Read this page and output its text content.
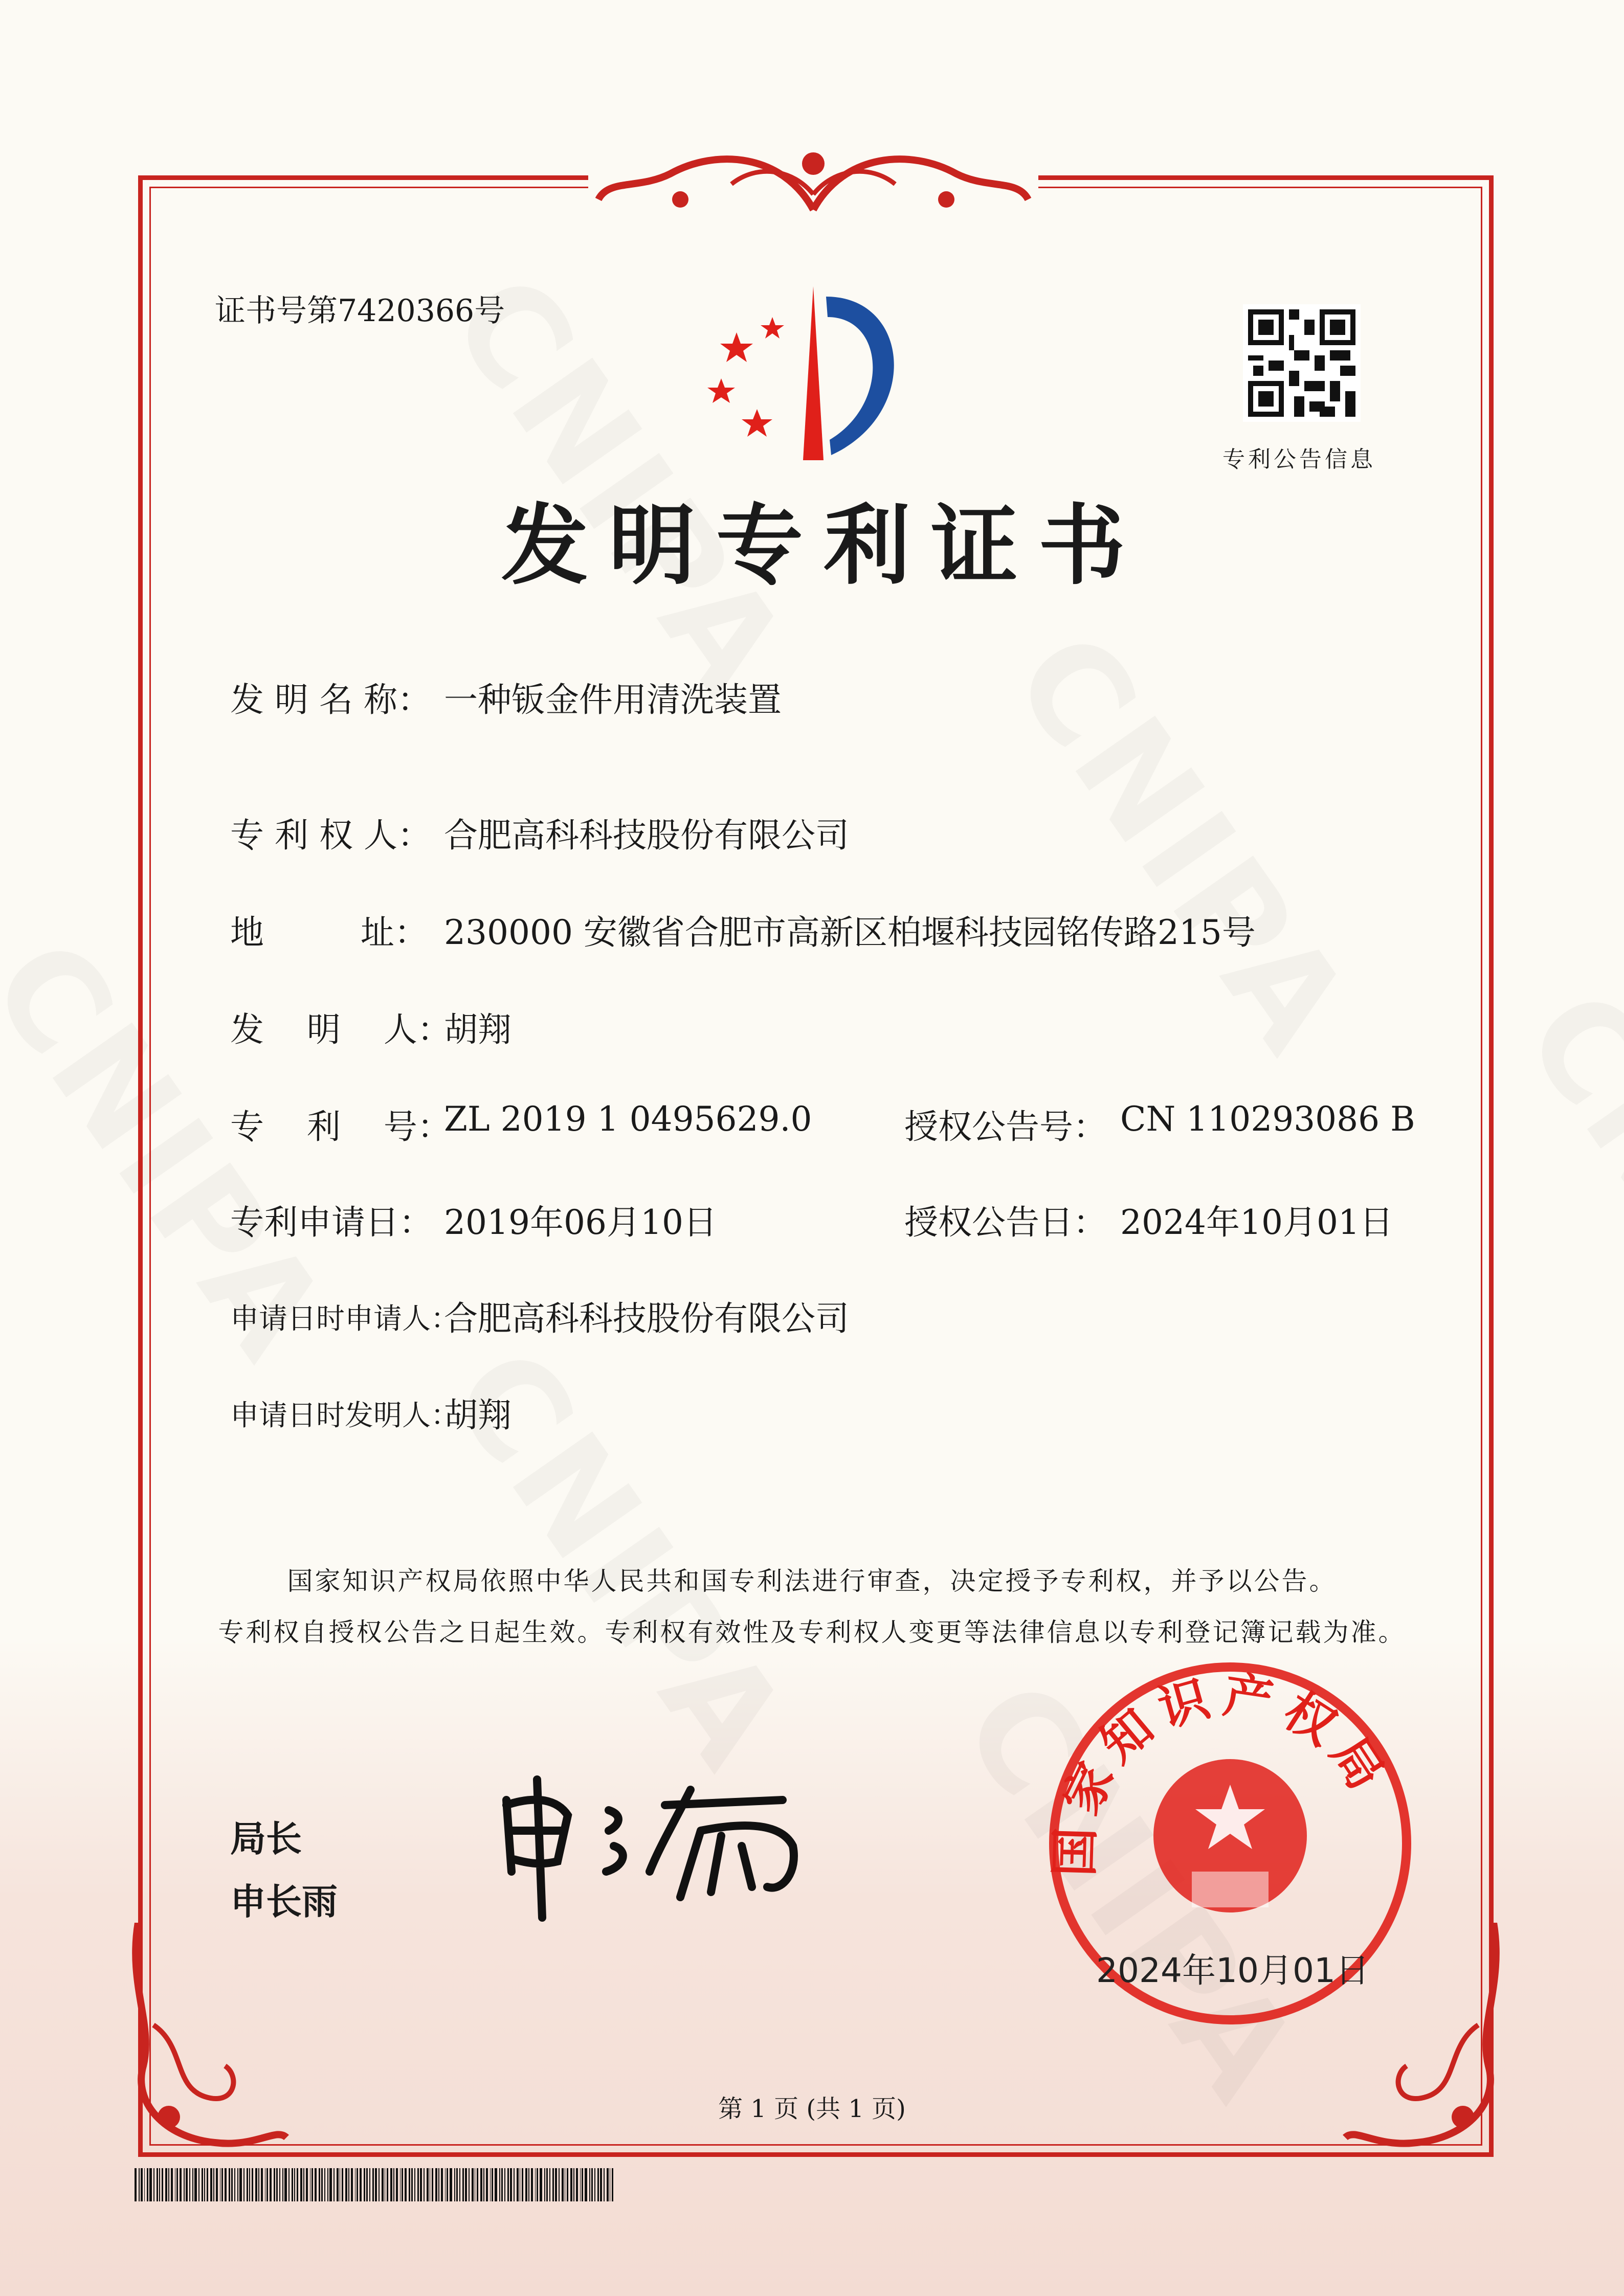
证书号第7420366号
专利公告信息
发明专利证书
发 明 名 称： 一种钣金件用清洗装置
专 利 权 人： 合肥高科科技股份有限公司
地         址： 230000 安徽省合肥市高新区柏堰科技园铭传路215号
发    明    人：
胡翔
专    利    号：
ZL 2019 1 0495629.0	授权公告号： CN 110293086 B
专利申请日： 2019年06月10日	授权公告日： 2024年10月01日
申请日时申请人：
合肥高科科技股份有限公司
申请日时发明人：
胡翔
国家知识产权局依照中华人民共和国专利法进行审查，决定授予专利权，并予以公告。
专利权自授权公告之日起生效。专利权有效性及专利权人变更等法律信息以专利登记簿记载为准。
局长
申长雨
国家知识产权局
2024年10月01日
第 1 页 (共 1 页)
